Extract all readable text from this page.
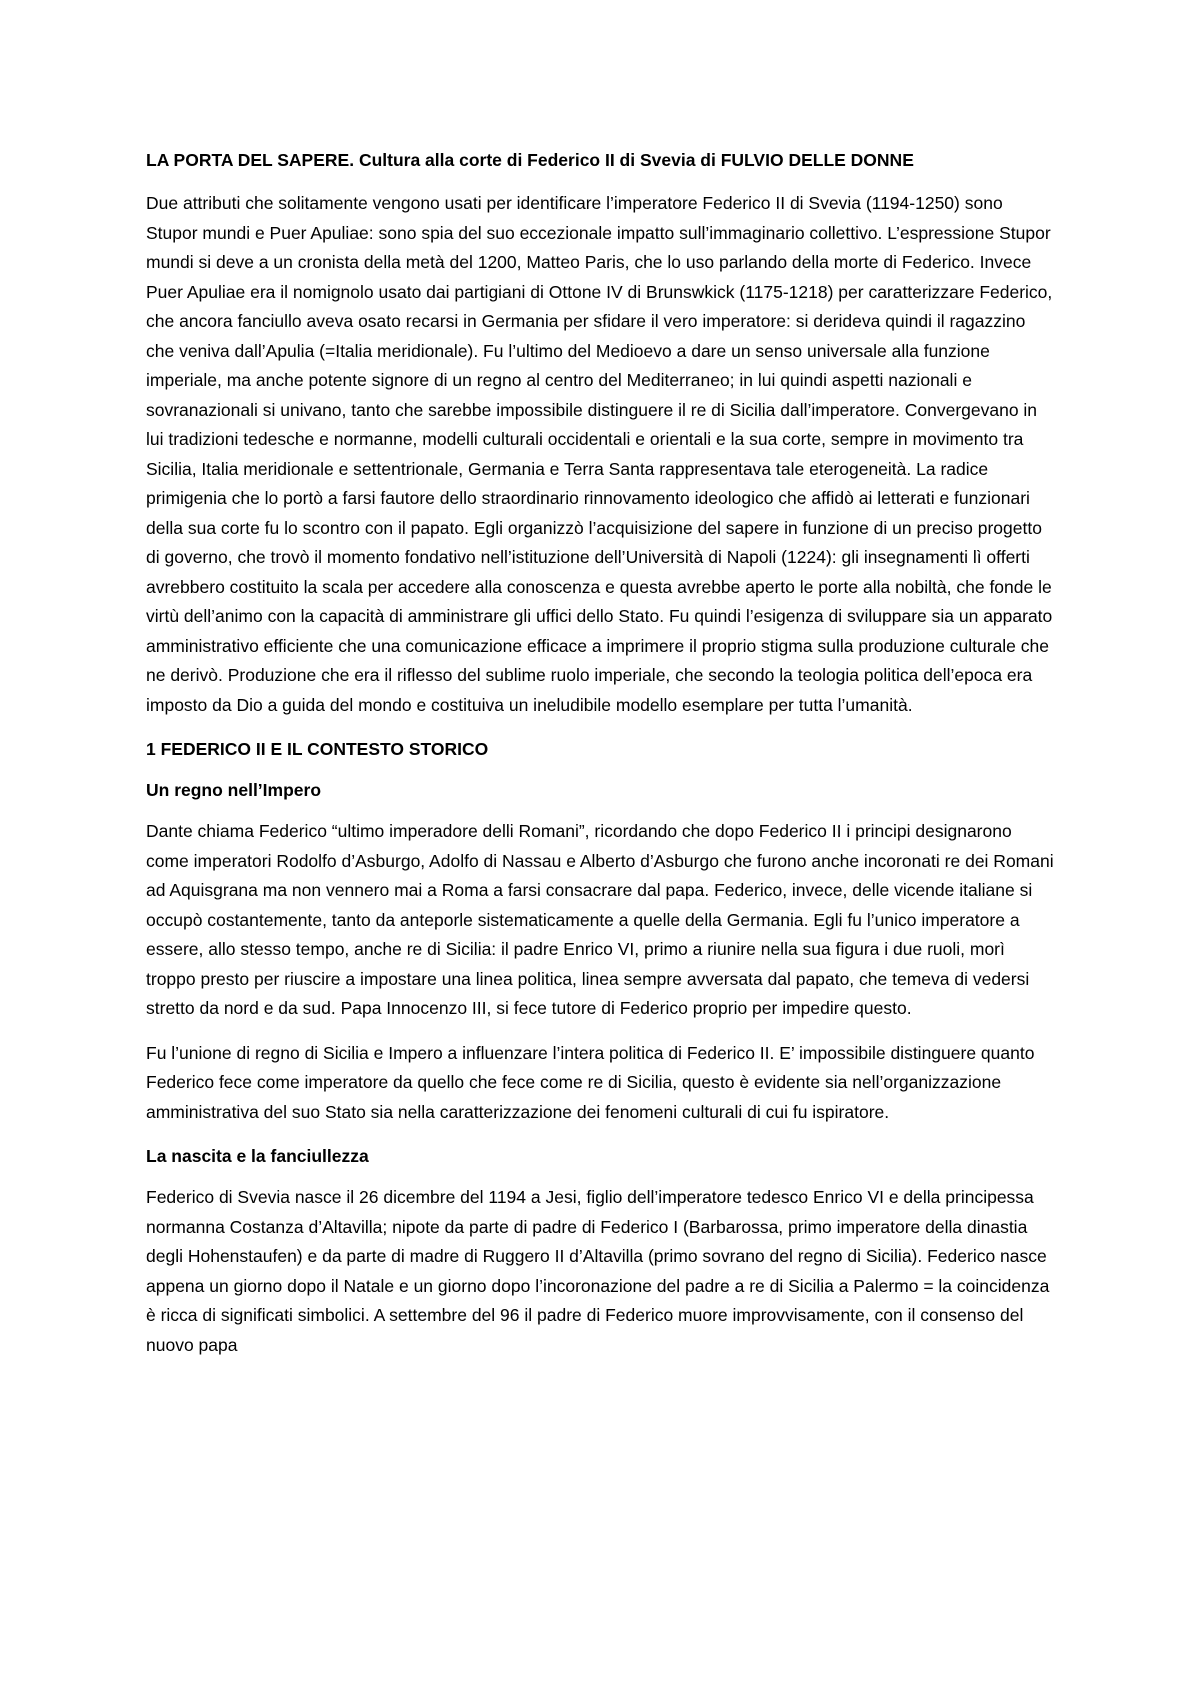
LA PORTA DEL SAPERE. Cultura alla corte di Federico II di Svevia di FULVIO DELLE DONNE

Due attributi che solitamente vengono usati per identificare l’imperatore Federico II di Svevia (1194-1250) sono Stupor mundi e Puer Apuliae: sono spia del suo eccezionale impatto sull’immaginario collettivo. L’espressione Stupor mundi si deve a un cronista della metà del 1200, Matteo Paris, che lo uso parlando della morte di Federico. Invece Puer Apuliae era il nomignolo usato dai partigiani di Ottone IV di Brunswkick (1175-1218) per caratterizzare Federico, che ancora fanciullo aveva osato recarsi in Germania per sfidare il vero imperatore: si derideva quindi il ragazzino che veniva dall’Apulia (=Italia meridionale). Fu l’ultimo del Medioevo a dare un senso universale alla funzione imperiale, ma anche potente signore di un regno al centro del Mediterraneo; in lui quindi aspetti nazionali e sovranazionali si univano, tanto che sarebbe impossibile distinguere il re di Sicilia dall’imperatore. Convergevano in lui tradizioni tedesche e normanne, modelli culturali occidentali e orientali e la sua corte, sempre in movimento tra Sicilia, Italia meridionale e settentrionale, Germania e Terra Santa rappresentava tale eterogeneità. La radice primigenia che lo portò a farsi fautore dello straordinario rinnovamento ideologico che affidò ai letterati e funzionari della sua corte fu lo scontro con il papato. Egli organizzò l’acquisizione del sapere in funzione di un preciso progetto di governo, che trovò il momento fondativo nell’istituzione dell’Università di Napoli (1224): gli insegnamenti lì offerti avrebbero costituito la scala per accedere alla conoscenza e questa avrebbe aperto le porte alla nobiltà, che fonde le virtù dell’animo con la capacità di amministrare gli uffici dello Stato. Fu quindi l’esigenza di sviluppare sia un apparato amministrativo efficiente che una comunicazione efficace a imprimere il proprio stigma sulla produzione culturale che ne derivò. Produzione che era il riflesso del sublime ruolo imperiale, che secondo la teologia politica dell’epoca era imposto da Dio a guida del mondo e costituiva un ineludibile modello esemplare per tutta l’umanità.

1 FEDERICO II E IL CONTESTO STORICO
Un regno nell’Impero

Dante chiama Federico “ultimo imperadore delli Romani”, ricordando che dopo Federico II i principi designarono come imperatori Rodolfo d’Asburgo, Adolfo di Nassau e Alberto d’Asburgo che furono anche incoronati re dei Romani ad Aquisgrana ma non vennero mai a Roma a farsi consacrare dal papa. Federico, invece, delle vicende italiane si occupò costantemente, tanto da anteporle sistematicamente a quelle della Germania. Egli fu l’unico imperatore a essere, allo stesso tempo, anche re di Sicilia: il padre Enrico VI, primo a riunire nella sua figura i due ruoli, morì troppo presto per riuscire a impostare una linea politica, linea sempre avversata dal papato, che temeva di vedersi stretto da nord e da sud. Papa Innocenzo III, si fece tutore di Federico proprio per impedire questo.

Fu l’unione di regno di Sicilia e Impero a influenzare l’intera politica di Federico II. E’ impossibile distinguere quanto Federico fece come imperatore da quello che fece come re di Sicilia, questo è evidente sia nell’organizzazione amministrativa del suo Stato sia nella caratterizzazione dei fenomeni culturali di cui fu ispiratore.

La nascita e la fanciullezza

Federico di Svevia nasce il 26 dicembre del 1194 a Jesi, figlio dell’imperatore tedesco Enrico VI e della principessa normanna Costanza d’Altavilla; nipote da parte di padre di Federico I (Barbarossa, primo imperatore della dinastia degli Hohenstaufen) e da parte di madre di Ruggero II d’Altavilla (primo sovrano del regno di Sicilia). Federico nasce appena un giorno dopo il Natale e un giorno dopo l’incoronazione del padre a re di Sicilia a Palermo = la coincidenza è ricca di significati simbolici. A settembre del 96 il padre di Federico muore improvvisamente, con il consenso del nuovo papa
